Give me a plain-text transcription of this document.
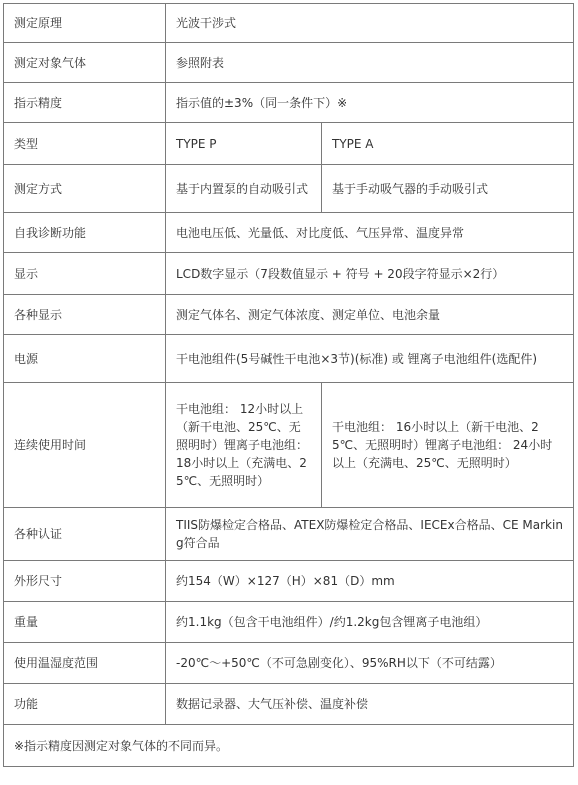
测定原理	光波干涉式	
测定对象气体	参照附表	
指示精度	指示值的±3%（同一条件下）※	
类型	TYPE P	TYPE A
测定方式	基于内置泵的自动吸引式	基于手动吸气器的手动吸引式
自我诊断功能	电池电压低、光量低、对比度低、气压异常、温度异常	
显示	LCD数字显示（7段数值显示 + 符号 + 20段字符显示×2行）	
各种显示	测定气体名、测定气体浓度、测定单位、电池余量	
电源	干电池组件(5号碱性干电池×3节)(标准) 或 锂离子电池组件(选配件)	
连续使用时间	干电池组： 12小时以上（新干电池、25℃、无照明时）锂离子电池组： 18小时以上（充满电、25℃、无照明时）	干电池组： 16小时以上（新干电池、25℃、无照明时）锂离子电池组： 24小时以上（充满电、25℃、无照明时）
各种认证	TIIS防爆检定合格品、ATEX防爆检定合格品、IECEx合格品、CE Marking符合品	
外形尺寸	约154（W）×127（H）×81（D）mm	
重量	约1.1kg（包含干电池组件）/约1.2kg包含锂离子电池组）	
使用温湿度范围	-20℃～+50℃（不可急剧变化）、95%RH以下（不可结露）	
功能	数据记录器、大气压补偿、温度补偿	
※指示精度因测定对象气体的不同而异。		
